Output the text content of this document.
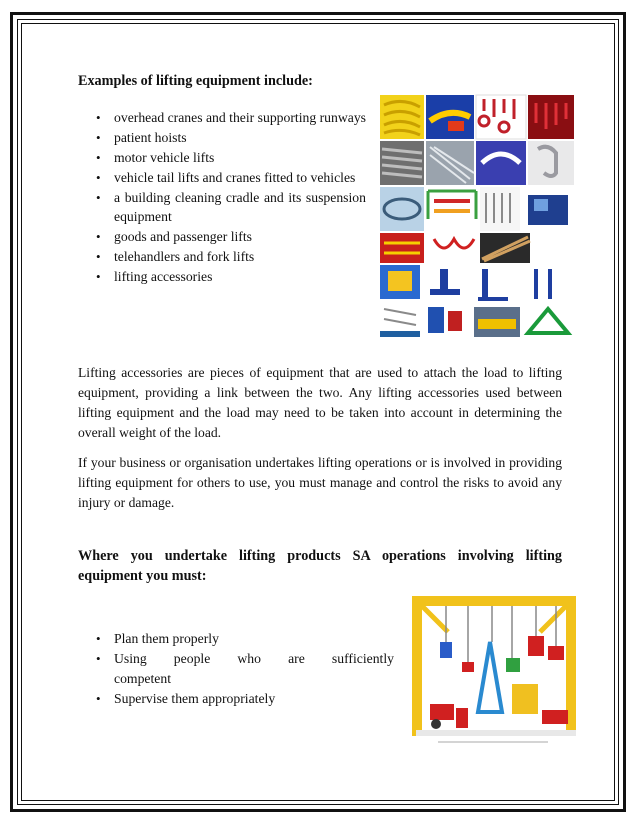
Examples of lifting equipment include:
• overhead cranes and their supporting runways
• patient hoists
• motor vehicle lifts
• vehicle tail lifts and cranes fitted to vehicles
• a building cleaning cradle and its suspension equipment
• goods and passenger lifts
• telehandlers and fork lifts
• lifting accessories

Lifting accessories are pieces of equipment that are used to attach the load to lifting equipment, providing a link between the two. Any lifting accessories used between lifting equipment and the load may need to be taken into account in determining the overall weight of the load.

If your business or organisation undertakes lifting operations or is involved in providing lifting equipment for others to use, you must manage and control the risks to avoid any injury or damage.

Where you undertake lifting products SA operations involving lifting equipment you must:
• Plan them properly
• Using people who are sufficiently
competent
• Supervise them appropriately
